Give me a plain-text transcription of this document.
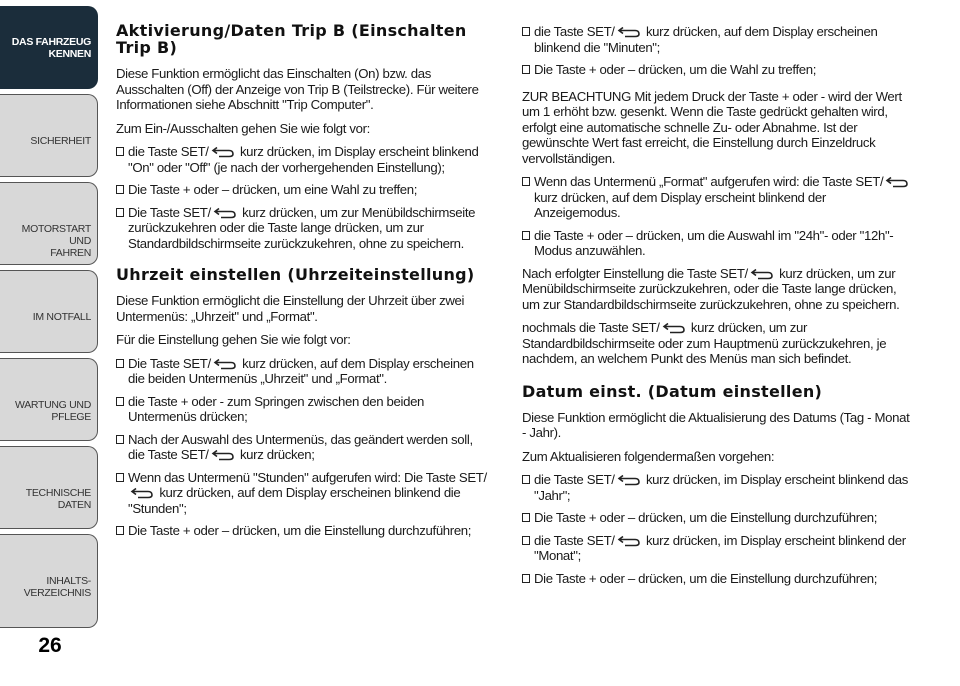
DAS FAHRZEUG
KENNEN
SICHERHEIT
MOTORSTART UND
FAHREN
IM NOTFALL
WARTUNG UND
PFLEGE
TECHNISCHE DATEN
INHALTS-
VERZEICHNIS
26
Aktivierung/Daten Trip B (Einschalten
Trip B)

Diese Funktion ermöglicht das Einschalten (On) bzw. das Ausschalten (Off) der Anzeige von Trip B (Teilstrecke). Für weitere Informationen siehe Abschnitt "Trip Computer".

Zum Ein-/Ausschalten gehen Sie wie folgt vor:

die Taste SET/
kurz drücken, im Display erscheint blinkend "On" oder "Off" (je nach der vorhergehenden Einstellung);
Die Taste + oder – drücken, um eine Wahl zu treffen;
Die Taste SET/
kurz drücken, um zur Menübildschirmseite zurückzukehren oder die Taste lange drücken, um zur Standardbildschirmseite zurückzukehren, ohne zu speichern.
Uhrzeit einstellen (Uhrzeiteinstellung)

Diese Funktion ermöglicht die Einstellung der Uhrzeit über zwei Untermenüs: „Uhrzeit" und „Format".

Für die Einstellung gehen Sie wie folgt vor:

Die Taste SET/
kurz drücken, auf dem Display erscheinen die beiden Untermenüs „Uhrzeit" und „Format".
die Taste + oder - zum Springen zwischen den beiden Untermenüs drücken;
Nach der Auswahl des Untermenüs, das geändert werden soll, die Taste SET/
kurz drücken;
Wenn das Untermenü "Stunden" aufgerufen wird: Die Taste SET/
kurz drücken, auf dem Display erscheinen blinkend die "Stunden";
Die Taste + oder – drücken, um die Einstellung durchzuführen;
die Taste SET/
kurz drücken, auf dem Display erscheinen blinkend die "Minuten";
Die Taste + oder – drücken, um die Wahl zu treffen;

ZUR BEACHTUNG Mit jedem Druck der Taste + oder - wird der Wert um 1 erhöht bzw. gesenkt. Wenn die Taste gedrückt gehalten wird, erfolgt eine automatische schnelle Zu- oder Abnahme. Ist der gewünschte Wert fast erreicht, die Einstellung durch Einzeldruck vervollständigen.

Wenn das Untermenü „Format" aufgerufen wird: die Taste SET/
kurz drücken, auf dem Display erscheint blinkend der Anzeigemodus.
die Taste + oder – drücken, um die Auswahl im "24h"- oder "12h"-Modus anzuwählen.

Nach erfolgter Einstellung die Taste SET/
kurz drücken, um zur Menübildschirmseite zurückzukehren, oder die Taste lange drücken, um zur Standardbildschirmseite zurückzukehren, ohne zu speichern.

nochmals die Taste SET/
kurz drücken, um zur Standardbildschirmseite oder zum Hauptmenü zurückzukehren, je nachdem, an welchem Punkt des Menüs man sich befindet.

Datum einst. (Datum einstellen)

Diese Funktion ermöglicht die Aktualisierung des Datums (Tag - Monat - Jahr).

Zum Aktualisieren folgendermaßen vorgehen:

die Taste SET/
kurz drücken, im Display erscheint blinkend das "Jahr";
Die Taste + oder – drücken, um die Einstellung durchzuführen;
die Taste SET/
kurz drücken, im Display erscheint blinkend der "Monat";
Die Taste + oder – drücken, um die Einstellung durchzuführen;
